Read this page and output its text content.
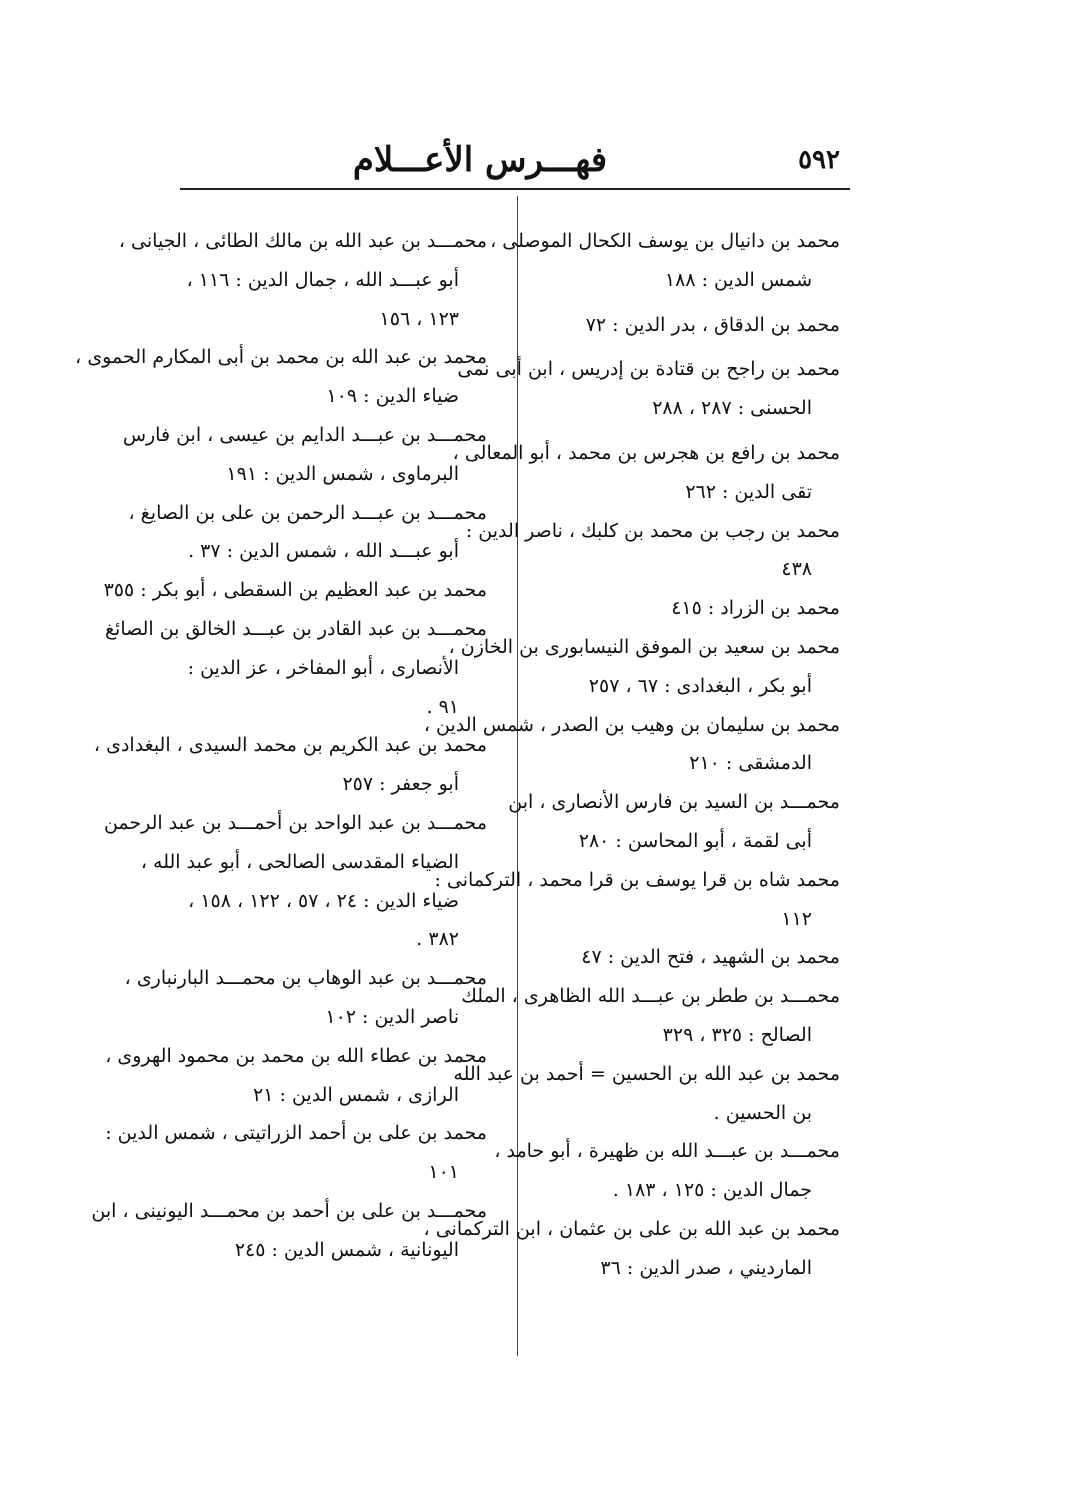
٥٩٢
فهـــرس الأعـــلام
محمد بن دانيال بن يوسف الكحال الموصلى ،
شمس الدين : ١٨٨
محمد بن الدقاق ، بدر الدين : ٧٢
محمد بن راجح بن قتادة بن إدريس ، ابن أبى نمى
الحسنى : ٢٨٧ ، ٢٨٨
محمد بن رافع بن هجرس بن محمد ، أبو المعالى ،
تقى الدين : ٢٦٢
محمد بن رجب بن محمد بن كلبك ، ناصر الدين :
٤٣٨
محمد بن الزراد : ٤١٥
محمد بن سعيد بن الموفق النيسابورى بن الخازن ،
أبو بكر ، البغدادى : ٦٧ ، ٢٥٧
محمد بن سليمان بن وهيب بن الصدر ، شمس الدين ،
الدمشقى : ٢١٠
محمـــد بن السيد بن فارس الأنصارى ، ابن
أبى لقمة ، أبو المحاسن : ٢٨٠
محمد شاه بن قرا يوسف بن قرا محمد ، التركمانى :
١١٢
محمد بن الشهيد ، فتح الدين : ٤٧
محمـــد بن ططر بن عبـــد الله الظاهرى ، الملك
الصالح : ٣٢٥ ، ٣٢٩
محمد بن عبد الله بن الحسين = أحمد بن عبد الله
بن الحسين .
محمـــد بن عبـــد الله بن ظهيرة ، أبو حامد ،
جمال الدين : ١٢٥ ، ١٨٣ .
محمد بن عبد الله بن على بن عثمان ، ابن التركمانى ،
المارديني ، صدر الدين : ٣٦
محمـــد بن عبد الله بن مالك الطائى ، الجيانى ،
أبو عبـــد الله ، جمال الدين : ١١٦ ،
١٢٣ ، ١٥٦
محمد بن عبد الله بن محمد بن أبى المكارم الحموى ،
ضياء الدين : ١٠٩
محمـــد بن عبـــد الدايم بن عيسى ، ابن فارس
البرماوى ، شمس الدين : ١٩١
محمـــد بن عبـــد الرحمن بن على بن الصايغ ،
أبو عبـــد الله ، شمس الدين : ٣٧ .
محمد بن عبد العظيم بن السقطى ، أبو بكر : ٣٥٥
محمـــد بن عبد القادر بن عبـــد الخالق بن الصائغ
الأنصارى ، أبو المفاخر ، عز الدين :
٩١ .
محمد بن عبد الكريم بن محمد السيدى ، البغدادى ،
أبو جعفر : ٢٥٧
محمـــد بن عبد الواحد بن أحمـــد بن عبد الرحمن
الضياء المقدسى الصالحى ، أبو عبد الله ،
ضياء الدين : ٢٤ ، ٥٧ ، ١٢٢ ، ١٥٨ ،
٣٨٢ .
محمـــد بن عبد الوهاب بن محمـــد البارنبارى ،
ناصر الدين : ١٠٢
محمد بن عطاء الله بن محمد بن محمود الهروى ،
الرازى ، شمس الدين : ٢١
محمد بن على بن أحمد الزراتيتى ، شمس الدين :
١٠١
محمـــد بن على بن أحمد بن محمـــد اليونينى ، ابن
اليونانية ، شمس الدين : ٢٤٥
